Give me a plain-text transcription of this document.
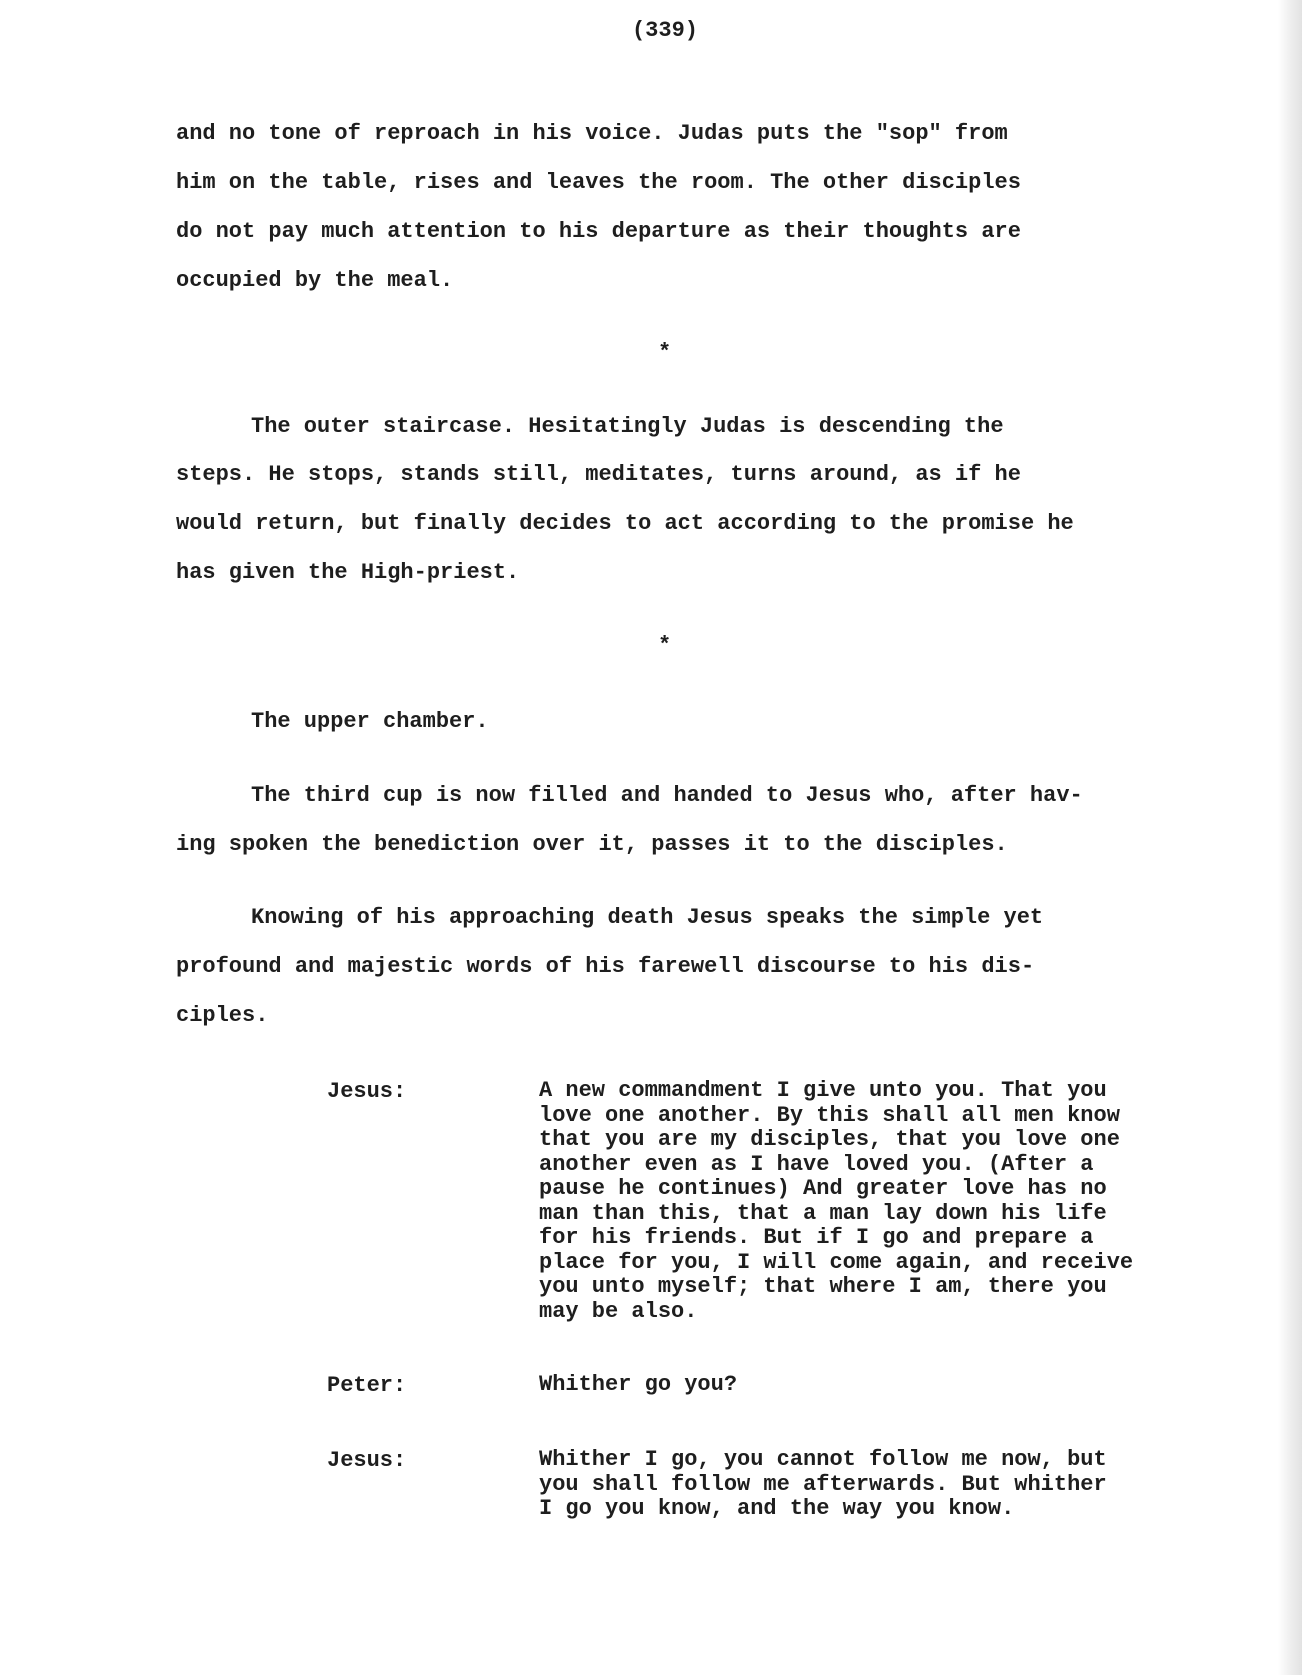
(339)
and no tone of reproach in his voice. Judas puts the "sop" from
him on the table, rises and leaves the room. The other disciples
do not pay much attention to his departure as their thoughts are
occupied by the meal.
*
The outer staircase. Hesitatingly Judas is descending the
steps. He stops, stands still, meditates, turns around, as if he
would return, but finally decides to act according to the promise he
has given the High-priest.
*
The upper chamber.
The third cup is now filled and handed to Jesus who, after hav-
ing spoken the benediction over it, passes it to the disciples.
Knowing of his approaching death Jesus speaks the simple yet
profound and majestic words of his farewell discourse to his dis-
ciples.
Jesus:	A new commandment I give unto you. That you
love one another. By this shall all men know
that you are my disciples, that you love one
another even as I have loved you. (After a
pause he continues) And greater love has no
man than this, that a man lay down his life
for his friends. But if I go and prepare a
place for you, I will come again, and receive
you unto myself; that where I am, there you
may be also.
Peter:	Whither go you?
Jesus:	Whither I go, you cannot follow me now, but
you shall follow me afterwards. But whither
I go you know, and the way you know.
